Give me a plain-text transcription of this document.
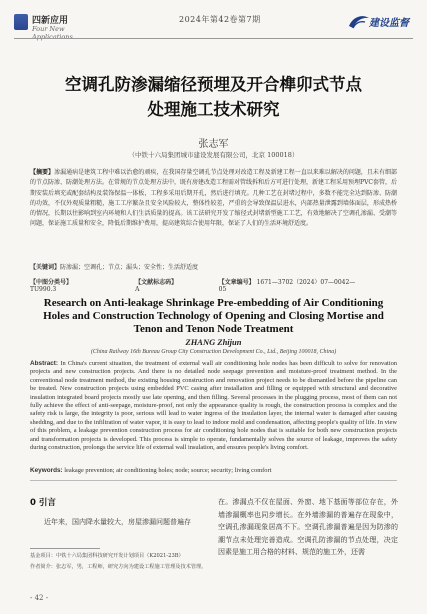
四新应用
Four New Applications
2024年第42卷第7期	建设监督
空调孔防渗漏缩径预埋及开合榫卯式节点
处理施工技术研究
张志军
（中铁十六局集团城市建设发展有限公司，北京 100018）
【摘要】渗漏通病是建筑工程中难以治愈的顽疾，在我国存量空调孔节点处理对改造工程及新建工程一直以来难以解决的问题，且未有细部的节点防渗、防潮处理方法。在常规的节点处理方法中，既有房建改造工程需对管线拆和后方可进行处理，新建工程采用预埋PVC套管，后期安装后填充或配套结构及装饰保温一体板，工程多采用后期开孔，然后进行填充。几种工艺在封堵过程中，多数不能完全达到防渗、防潮的功效，不仅外观质量粗糙，施工工序繁杂且安全风险较大，整体性较差，严重的会导致保温层进水，内部热量泄露到墙体面层，形成热桥的情况，长期以往影响到室内环境和人们生活质量的提高。该工法研究开发了缩径式封堵新型施工工艺，有效地解决了空调孔渗漏、受潮等问题，保证施工质量和安全，降低后期维护费用，提高建筑综合使用年限，保证了人们的生活环境舒适度。
【关键词】防渗漏；空调孔；节点；漏头；安全性；生活舒适度
【中图分类号】 TU990.3
【文献标志码】 A
【文章编号】 1671—3702（2024）07—0042—05
Research on Anti-leakage Shrinkage Pre-embedding of Air Conditioning Holes and Construction Technology of Opening and Closing Mortise and Tenon and Tenon Node Treatment
ZHANG Zhijun
(China Railway 16th Bureau Group City Construction Development Co., Ltd., Beijing 100018, China)
Abstract: In China's current situation, the treatment of external wall air conditioning hole nodes has been difficult to solve for renovation projects and new construction projects. And there is no detailed node seepage prevention and moisture-proof treatment method. In the conventional node treatment method, the existing housing construction and renovation project needs to be dismantled before the pipeline can be treated. New construction projects using embedded PVC casing after installation and filling or equipped with structural and decorative insulation integrated board projects mostly use late opening, and then filling. Several processes in the plugging process, most of them can not fully achieve the effect of anti-seepage, moisture-proof, not only the appearance quality is rough, the construction process is complex and the safety risk is large, the integrity is poor, serious will lead to water ingress of the insulation layer, the internal water is damaged after causing shedding, and due to the infiltration of water vapor, it is easy to lead to indoor mold and condensation, affecting people's quality of life. In view of this problem, a leakage prevention construction process for air conditioning hole nodes that is suitable for both new construction projects and transformation projects is developed. This process is simple to operate, fundamentally solves the source of leakage, improves the safety during construction, prolongs the service life of external wall insulation, and ensures people's living comfort.
Keywords: leakage prevention; air conditioning holes; node; source; security; living comfort
0 引言
近年来，国内降水量较大，房屋渗漏问题普遍存
基金项目：中铁十六局集团科技研究开发计划项目（K2021-23B）
作者简介：张志军，男，工程师，研究方向为建设工程施工管理及技术管理。
在。渗漏点不仅在屋面、外窗、地下基面等部位存在，外墙渗漏概率也同步增长。在外墙渗漏的普遍存在现象中，空调孔渗漏现象居高不下。空调孔渗漏普遍是因为防渗的潮节点未处理完善造成。空调孔防渗漏的节点处理，决定因素是施工用合格的材料、规范的施工外，还需
- 42 -
